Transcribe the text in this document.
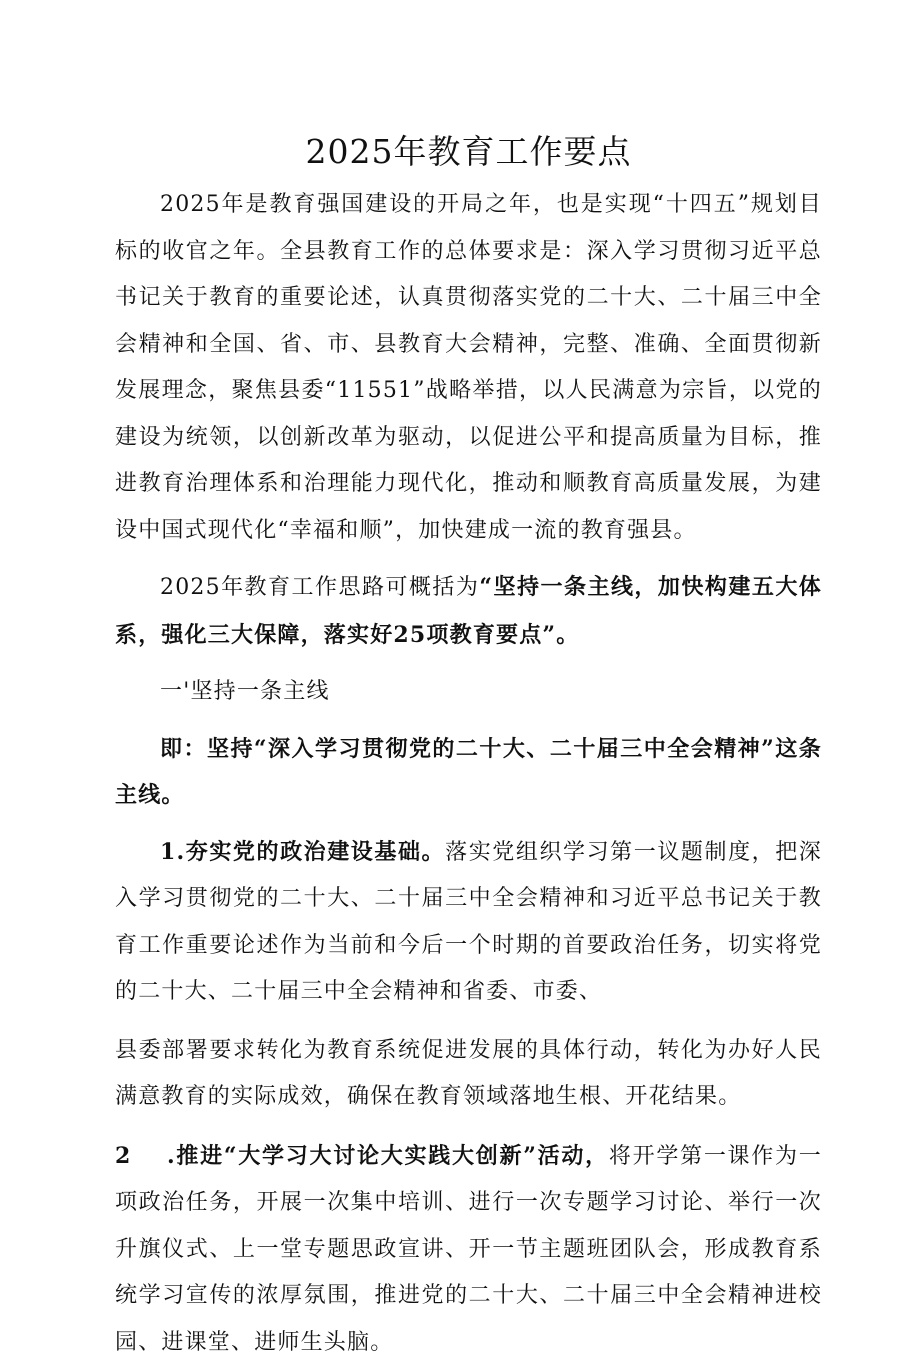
2025年教育工作要点

2025年是教育强国建设的开局之年，也是实现“十四五”规划目标的收官之年。全县教育工作的总体要求是：深入学习贯彻习近平总书记关于教育的重要论述，认真贯彻落实党的二十大、二十届三中全会精神和全国、省、市、县教育大会精神，完整、准确、全面贯彻新发展理念，聚焦县委“11551”战略举措，以人民满意为宗旨，以党的建设为统领，以创新改革为驱动，以促进公平和提高质量为目标，推进教育治理体系和治理能力现代化，推动和顺教育高质量发展，为建设中国式现代化“幸福和顺”，加快建成一流的教育强县。

2025年教育工作思路可概括为“坚持一条主线，加快构建五大体系，强化三大保障，落实好25项教育要点”。

一'坚持一条主线

即：坚持“深入学习贯彻党的二十大、二十届三中全会精神”这条主线。

1.夯实党的政治建设基础。落实党组织学习第一议题制度，把深入学习贯彻党的二十大、二十届三中全会精神和习近平总书记关于教育工作重要论述作为当前和今后一个时期的首要政治任务，切实将党的二十大、二十届三中全会精神和省委、市委、

县委部署要求转化为教育系统促进发展的具体行动，转化为办好人民满意教育的实际成效，确保在教育领域落地生根、开花结果。

2 .推进“大学习大讨论大实践大创新”活动，将开学第一课作为一项政治任务，开展一次集中培训、进行一次专题学习讨论、举行一次升旗仪式、上一堂专题思政宣讲、开一节主题班团队会，形成教育系统学习宣传的浓厚氛围，推进党的二十大、二十届三中全会精神进校园、进课堂、进师生头脑。
